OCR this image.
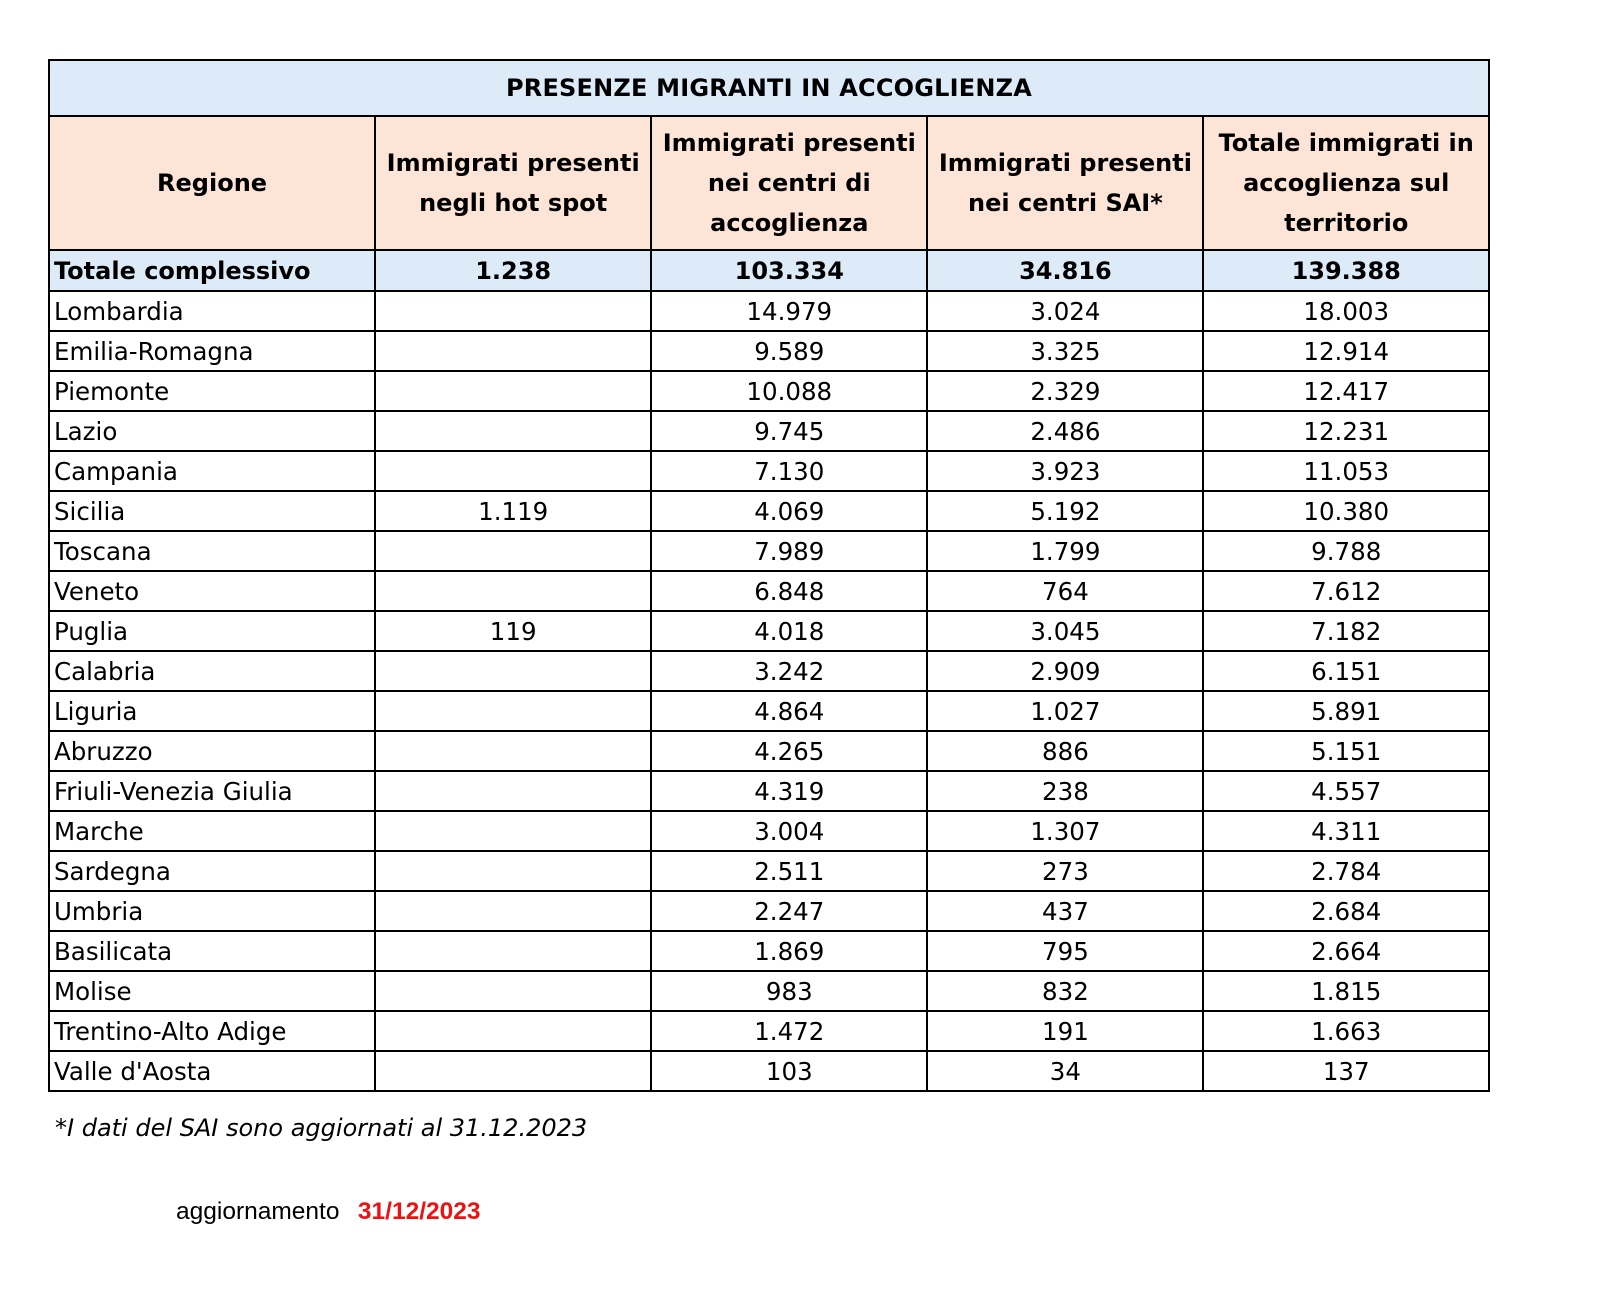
PRESENZE MIGRANTI IN ACCOGLIENZA				
Regione	Immigrati presenti negli hot spot	Immigrati presenti nei centri di accoglienza	Immigrati presenti nei centri SAI*	Totale immigrati in accoglienza sul territorio
Totale complessivo	1.238	103.334	34.816	139.388
Lombardia		14.979	3.024	18.003
Emilia-Romagna		9.589	3.325	12.914
Piemonte		10.088	2.329	12.417
Lazio		9.745	2.486	12.231
Campania		7.130	3.923	11.053
Sicilia	1.119	4.069	5.192	10.380
Toscana		7.989	1.799	9.788
Veneto		6.848	764	7.612
Puglia	119	4.018	3.045	7.182
Calabria		3.242	2.909	6.151
Liguria		4.864	1.027	5.891
Abruzzo		4.265	886	5.151
Friuli-Venezia Giulia		4.319	238	4.557
Marche		3.004	1.307	4.311
Sardegna		2.511	273	2.784
Umbria		2.247	437	2.684
Basilicata		1.869	795	2.664
Molise		983	832	1.815
Trentino-Alto Adige		1.472	191	1.663
Valle d'Aosta		103	34	137
*I dati del SAI sono aggiornati al 31.12.2023
aggiornamento 31/12/2023
